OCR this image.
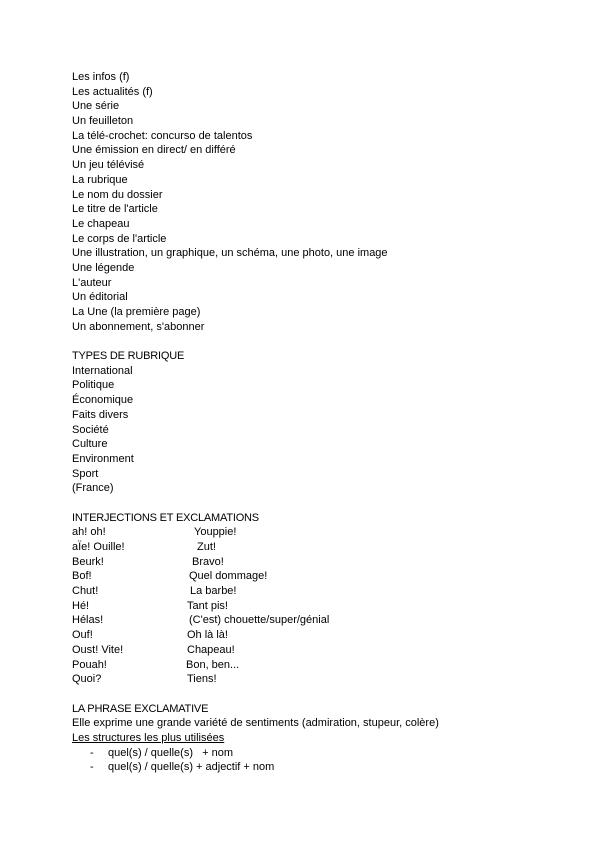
Les infos (f)
Les actualités (f)
Une série
Un feuilleton
La télé-crochet: concurso de talentos
Une émission en direct/ en différé
Un jeu télévisé
La rubrique
Le nom du dossier
Le titre de l'article
Le chapeau
Le corps de l'article
Une illustration, un graphique, un schéma, une photo, une image
Une légende
L'auteur
Un éditorial
La Une (la première page)
Un abonnement, s'abonner
TYPES DE RUBRIQUE
International
Politique
Économique
Faits divers
Société
Culture
Environment
Sport
(France)
INTERJECTIONS ET EXCLAMATIONS
ah! oh!	Youppie!
aÏe! Ouille!	Zut!
Beurk!	Bravo!
Bof!	Quel dommage!
Chut!	La barbe!
Hé!	Tant pis!
Hélas!	(C'est) chouette/super/génial
Ouf!	Oh là là!
Oust! Vite!	Chapeau!
Pouah!	Bon, ben...
Quoi?	Tiens!
LA PHRASE EXCLAMATIVE
Elle exprime une grande variété de sentiments (admiration, stupeur, colère)
Les structures les plus utilisées
- quel(s) / quelle(s)   + nom
- quel(s) / quelle(s) + adjectif + nom
